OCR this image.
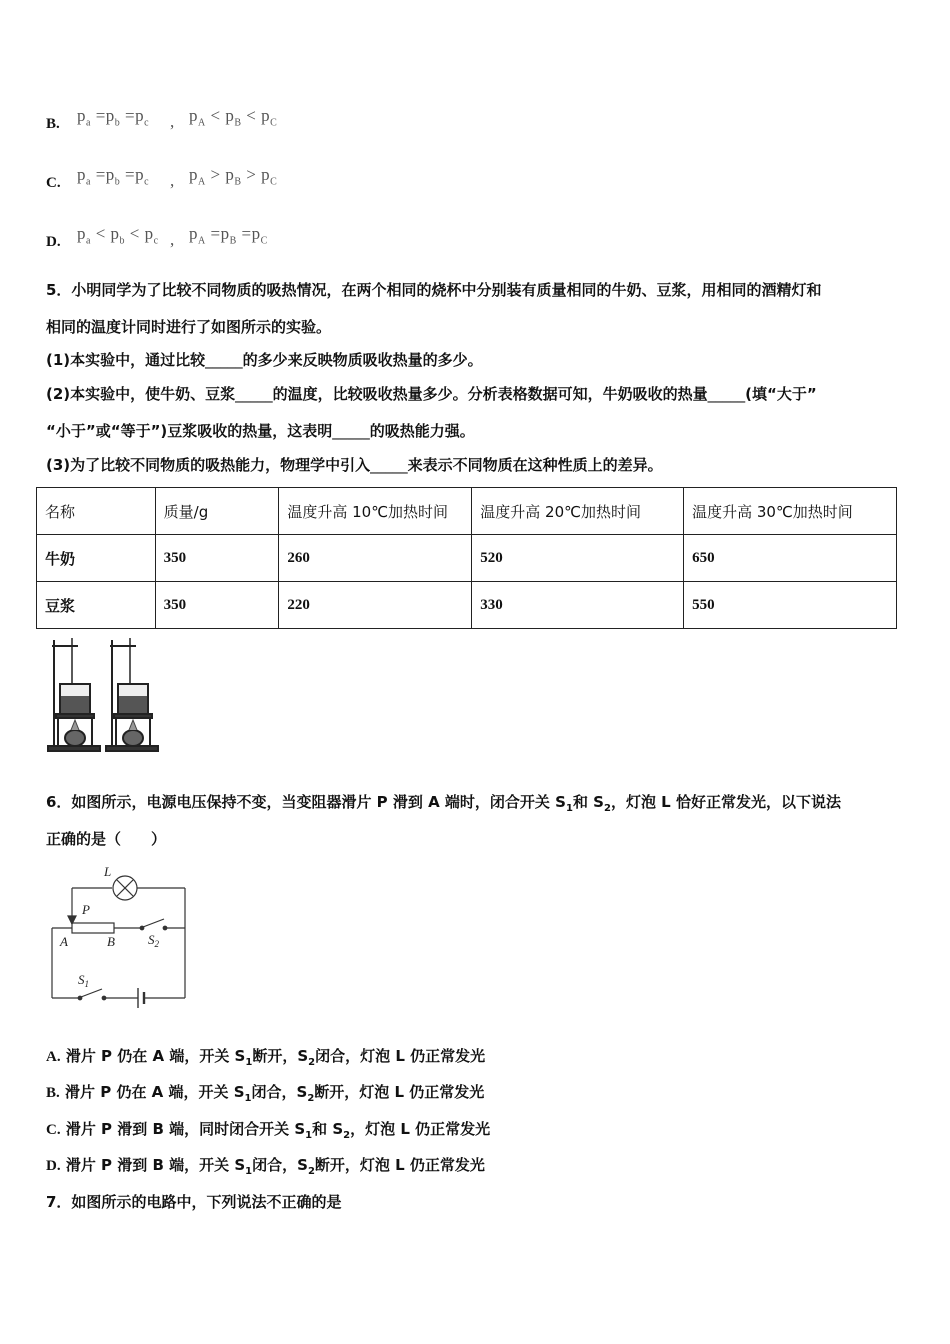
B. $p_a =p_b =p_c$ , $p_A < p_B < p_C$
C. $p_a =p_b =p_c$ , $p_A > p_B > p_C$
D. $p_a < p_b < p_c$ , $p_A =p_B =p_C$
5．小明同学为了比较不同物质的吸热情况，在两个相同的烧杯中分别装有质量相同的牛奶、豆浆，用相同的酒精灯和
相同的温度计同时进行了如图所示的实验。
(1)本实验中，通过比较_____的多少来反映物质吸收热量的多少。
(2)本实验中，使牛奶、豆浆_____的温度，比较吸收热量多少。分析表格数据可知，牛奶吸收的热量_____(填“大于”
“小于”或“等于”)豆浆吸收的热量，这表明_____的吸热能力强。
(3)为了比较不同物质的吸热能力，物理学中引入_____来表示不同物质在这种性质上的差异。
名称	质量/g	温度升高 10℃加热时间	温度升高 20℃加热时间	温度升高 30℃加热时间
牛奶	350	260	520	650
豆浆	350	220	330	550
6．如图所示，电源电压保持不变，当变阻器滑片 P 滑到 A 端时，闭合开关 $S_1$和 $S_2$，灯泡 L 恰好正常发光，以下说法
正确的是（　　）
L
P
A	B	$S_2$
$S_1$
A. 滑片 P 仍在 A 端，开关 $S_1$断开，$S_2$闭合，灯泡 L 仍正常发光
B. 滑片 P 仍在 A 端，开关 $S_1$闭合，$S_2$断开，灯泡 L 仍正常发光
C. 滑片 P 滑到 B 端，同时闭合开关 $S_1$和 $S_2$，灯泡 L 仍正常发光
D. 滑片 P 滑到 B 端，开关 $S_1$闭合，$S_2$断开，灯泡 L 仍正常发光
7．如图所示的电路中，下列说法不正确的是
